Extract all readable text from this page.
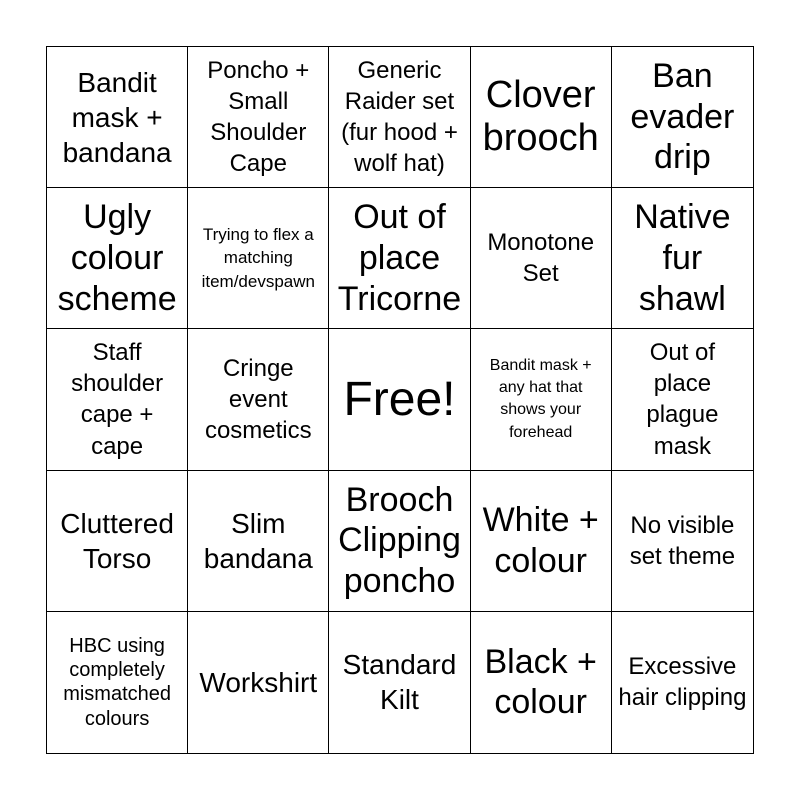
Bandit mask + bandana
Poncho + Small Shoulder Cape
Generic Raider set (fur hood + wolf hat)
Clover brooch
Ban evader drip
Ugly colour scheme
Trying to flex a matching item/devspawn
Out of place Tricorne
Monotone Set
Native fur shawl
Staff shoulder cape + cape
Cringe event cosmetics
Free!
Bandit mask + any hat that shows your forehead
Out of place plague mask
Cluttered Torso
Slim bandana
Brooch Clipping poncho
White + colour
No visible set theme
HBC using completely mismatched colours
Workshirt
Standard Kilt
Black + colour
Excessive hair clipping
